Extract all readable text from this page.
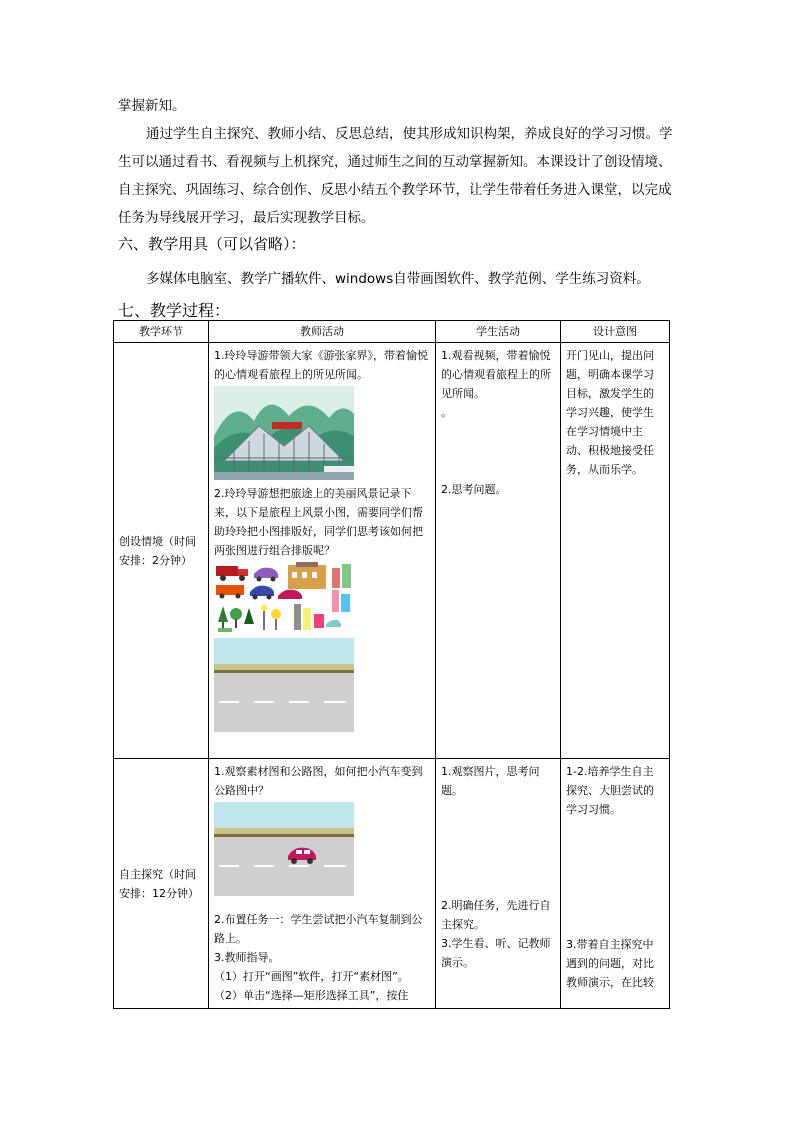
掌握新知。

通过学生自主探究、教师小结、反思总结，使其形成知识构架，养成良好的学习习惯。学生可以通过看书、看视频与上机探究，通过师生之间的互动掌握新知。本课设计了创设情境、自主探究、巩固练习、综合创作、反思小结五个教学环节，让学生带着任务进入课堂，以完成任务为导线展开学习，最后实现教学目标。

六、教学用具（可以省略）：

多媒体电脑室、教学广播软件、windows自带画图软件、教学范例、学生练习资料。

七、教学过程：

教学环节	教师活动	学生活动	设计意图
创设情境（时间安排：2分钟）	1.玲玲导游带领大家《游张家界》，带着愉悦的心情观看旅程上的所见所闻。
2.玲玲导游想把旅途上的美丽风景记录下来，以下是旅程上风景小图，需要同学们帮助玲玲把小图排版好，同学们思考该如何把两张图进行组合排版呢？	1.观看视频，带着愉悦的心情观看旅程上的所见所闻。
。
2.思考问题。	开门见山，提出问题，明确本课学习目标，激发学生的学习兴趣，使学生在学习情境中主动、积极地接受任务，从而乐学。
自主探究（时间安排：12分钟）	1.观察素材图和公路图，如何把小汽车变到公路图中？
2.布置任务一：学生尝试把小汽车复制到公路上。
3.教师指导。
（1）打开“画图”软件，打开“素材图”。
（2）单击“选择—矩形选择工具”，按住	1.观察图片，思考问题。
2.明确任务，先进行自主探究。
3.学生看、听、记教师演示。	1-2.培养学生自主探究、大胆尝试的学习习惯。
3.带着自主探究中遇到的问题，对比教师演示，在比较
